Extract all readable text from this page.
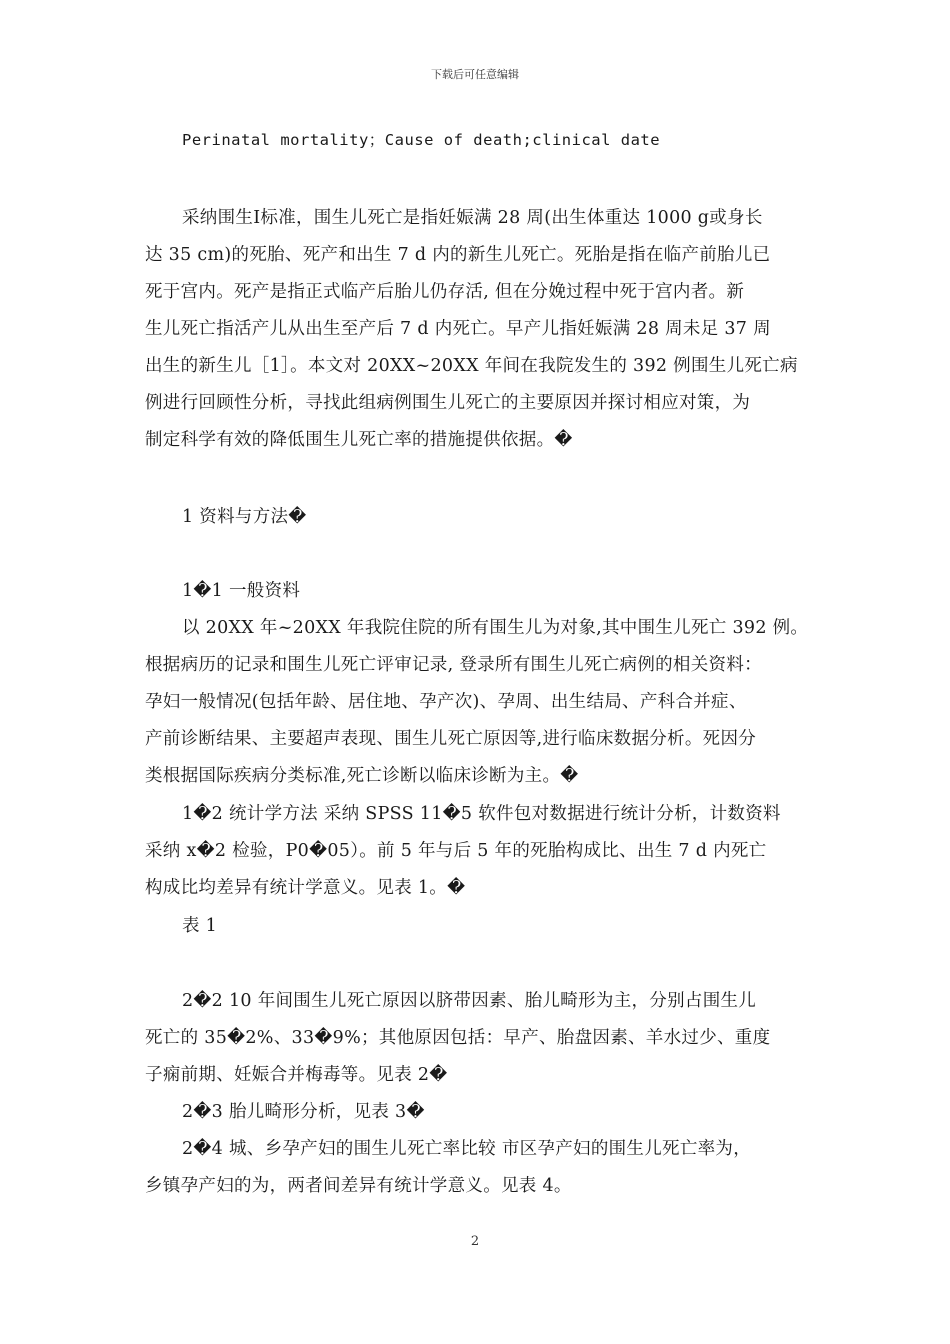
下载后可任意编辑
Perinatal mortality；Cause of death;clinical date
采纳围生Ⅰ标准，围生儿死亡是指妊娠满 28 周(出生体重达 1000 g或身长
达 35 cm)的死胎、死产和出生 7 d 内的新生儿死亡。死胎是指在临产前胎儿已
死于宫内。死产是指正式临产后胎儿仍存活, 但在分娩过程中死于宫内者。新
生儿死亡指活产儿从出生至产后 7 d 内死亡。早产儿指妊娠满 28 周未足 37 周
出生的新生儿［1］。本文对 20XX~20XX 年间在我院发生的 392 例围生儿死亡病
例进行回顾性分析，寻找此组病例围生儿死亡的主要原因并探讨相应对策，为
制定科学有效的降低围生儿死亡率的措施提供依据。�
1 资料与方法�
1�1 一般资料
以 20XX 年~20XX 年我院住院的所有围生儿为对象,其中围生儿死亡 392 例。
根据病历的记录和围生儿死亡评审记录, 登录所有围生儿死亡病例的相关资料：
孕妇一般情况(包括年龄、居住地、孕产次)、孕周、出生结局、产科合并症、
产前诊断结果、主要超声表现、围生儿死亡原因等,进行临床数据分析。死因分
类根据国际疾病分类标准,死亡诊断以临床诊断为主。�
1�2 统计学方法 采纳 SPSS 11�5 软件包对数据进行统计分析，计数资料
采纳 x�2 检验，P0�05）。前 5 年与后 5 年的死胎构成比、出生 7 d 内死亡
构成比均差异有统计学意义。见表 1。�
表 1
2�2 10 年间围生儿死亡原因以脐带因素、胎儿畸形为主，分别占围生儿
死亡的 35�2%、33�9%；其他原因包括：早产、胎盘因素、羊水过少、重度
子痫前期、妊娠合并梅毒等。见表 2�
2�3 胎儿畸形分析，见表 3�
2�4 城、乡孕产妇的围生儿死亡率比较 市区孕产妇的围生儿死亡率为，
乡镇孕产妇的为，两者间差异有统计学意义。见表 4。
2
